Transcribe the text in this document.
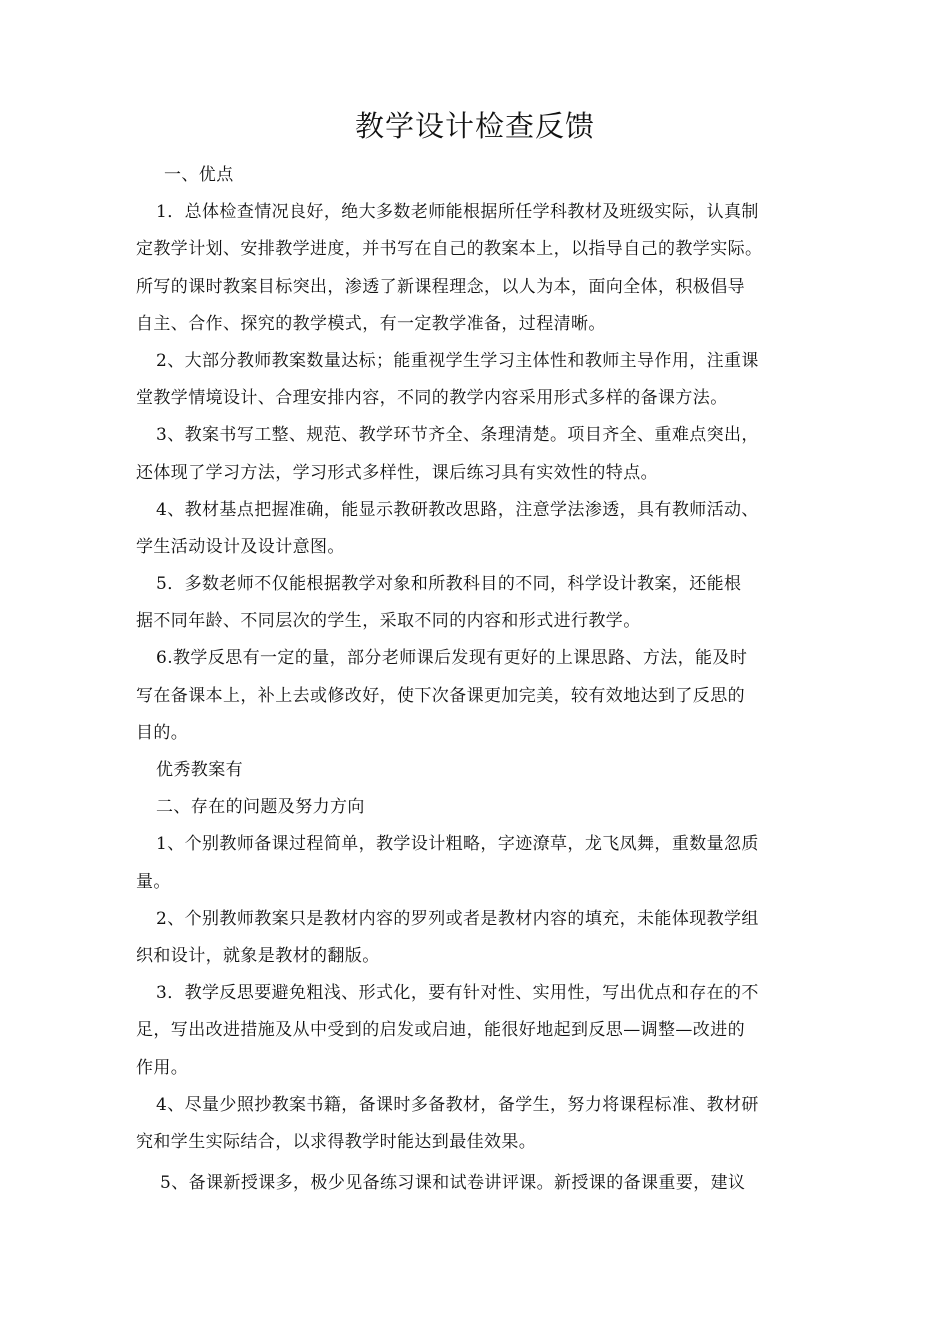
教学设计检查反馈
一、优点
1．总体检查情况良好，绝大多数老师能根据所任学科教材及班级实际，认真制
定教学计划、安排教学进度，并书写在自己的教案本上，以指导自己的教学实际。
所写的课时教案目标突出，渗透了新课程理念，以人为本，面向全体，积极倡导
自主、合作、探究的教学模式，有一定教学准备，过程清晰。
2、大部分教师教案数量达标；能重视学生学习主体性和教师主导作用，注重课
堂教学情境设计、合理安排内容，不同的教学内容采用形式多样的备课方法。
3、教案书写工整、规范、教学环节齐全、条理清楚。项目齐全、重难点突出，
还体现了学习方法，学习形式多样性，课后练习具有实效性的特点。
4、教材基点把握准确，能显示教研教改思路，注意学法渗透，具有教师活动、
学生活动设计及设计意图。
5．多数老师不仅能根据教学对象和所教科目的不同，科学设计教案，还能根
据不同年龄、不同层次的学生，采取不同的内容和形式进行教学。
6.教学反思有一定的量，部分老师课后发现有更好的上课思路、方法，能及时
写在备课本上，补上去或修改好，使下次备课更加完美，较有效地达到了反思的
目的。
优秀教案有
二、存在的问题及努力方向
1、个别教师备课过程简单，教学设计粗略，字迹潦草，龙飞凤舞，重数量忽质
量。
2、个别教师教案只是教材内容的罗列或者是教材内容的填充，未能体现教学组
织和设计，就象是教材的翻版。
3．教学反思要避免粗浅、形式化，要有针对性、实用性，写出优点和存在的不
足，写出改进措施及从中受到的启发或启迪，能很好地起到反思—调整—改进的
作用。
4、尽量少照抄教案书籍，备课时多备教材，备学生，努力将课程标准、教材研
究和学生实际结合，以求得教学时能达到最佳效果。
5、备课新授课多，极少见备练习课和试卷讲评课。新授课的备课重要，建议
